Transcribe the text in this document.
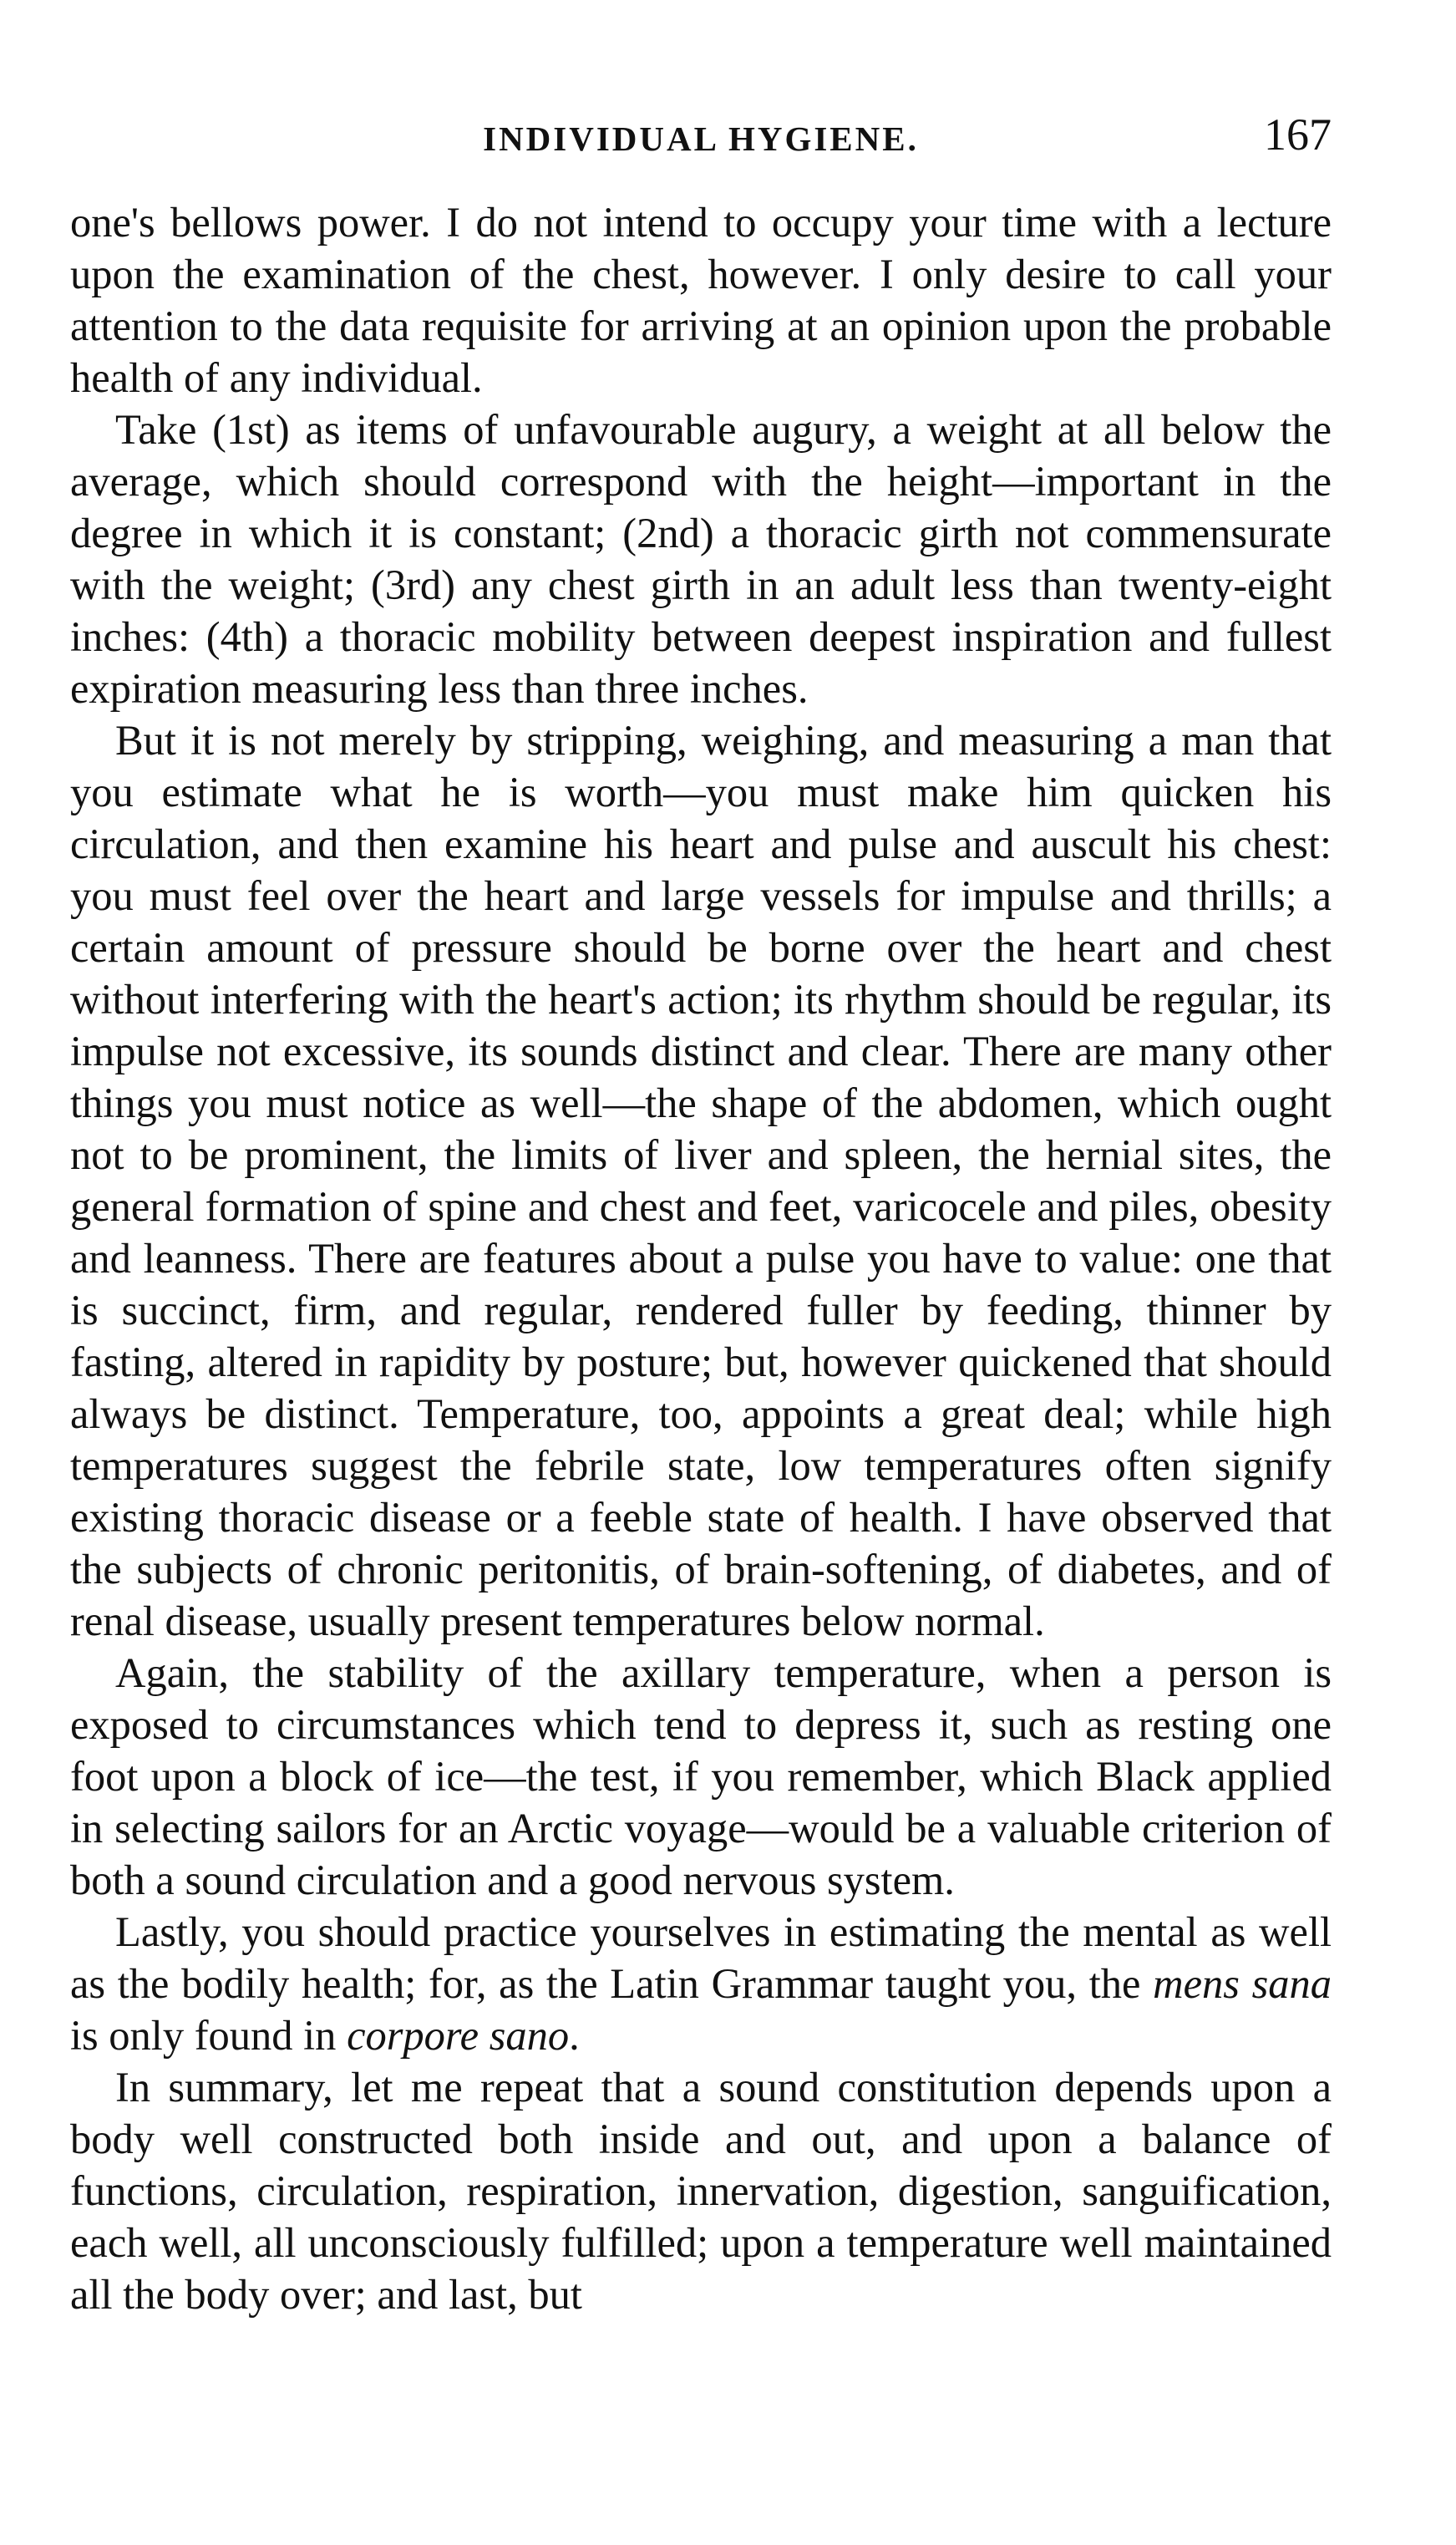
INDIVIDUAL HYGIENE.	167

one's bellows power. I do not intend to occupy your time with a lecture upon the examination of the chest, however. I only desire to call your attention to the data requisite for arriving at an opinion upon the probable health of any individual.

Take (1st) as items of unfavourable augury, a weight at all below the average, which should correspond with the height—important in the degree in which it is constant; (2nd) a thoracic girth not commensurate with the weight; (3rd) any chest girth in an adult less than twenty-eight inches: (4th) a thoracic mobility between deepest inspiration and fullest expiration measuring less than three inches.

But it is not merely by stripping, weighing, and measuring a man that you estimate what he is worth—you must make him quicken his circulation, and then examine his heart and pulse and auscult his chest: you must feel over the heart and large vessels for impulse and thrills; a certain amount of pressure should be borne over the heart and chest without interfering with the heart's action; its rhythm should be regular, its impulse not excessive, its sounds distinct and clear. There are many other things you must notice as well—the shape of the abdomen, which ought not to be prominent, the limits of liver and spleen, the hernial sites, the general formation of spine and chest and feet, varicocele and piles, obesity and leanness. There are features about a pulse you have to value: one that is succinct, firm, and regular, rendered fuller by feeding, thinner by fasting, altered in rapidity by posture; but, however quickened that should always be distinct. Temperature, too, appoints a great deal; while high temperatures suggest the febrile state, low temperatures often signify existing thoracic disease or a feeble state of health. I have observed that the subjects of chronic peritonitis, of brain-softening, of diabetes, and of renal disease, usually present temperatures below normal.

Again, the stability of the axillary temperature, when a person is exposed to circumstances which tend to depress it, such as resting one foot upon a block of ice—the test, if you remember, which Black applied in selecting sailors for an Arctic voyage—would be a valuable criterion of both a sound circulation and a good nervous system.

Lastly, you should practice yourselves in estimating the mental as well as the bodily health; for, as the Latin Grammar taught you, the mens sana is only found in corpore sano.

In summary, let me repeat that a sound constitution depends upon a body well constructed both inside and out, and upon a balance of functions, circulation, respiration, innervation, digestion, sanguification, each well, all unconsciously fulfilled; upon a temperature well maintained all the body over; and last, but
